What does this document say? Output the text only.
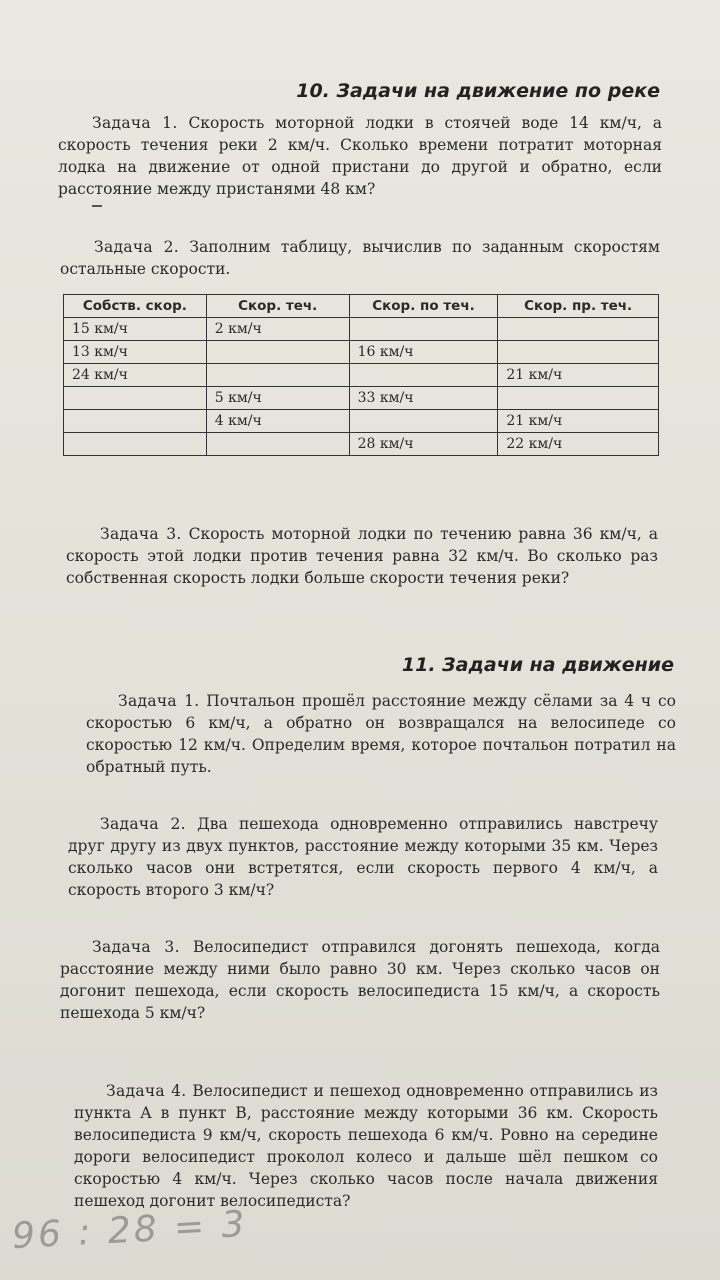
10. Задачи на движение по реке

Задача 1. Скорость моторной лодки в стоячей воде 14 км/ч, а скорость течения реки 2 км/ч. Сколько времени потратит моторная лодка на движение от одной пристани до другой и обратно, если расстояние между пристанями 48 км?

Задача 2. Заполним таблицу, вычислив по заданным скоростям остальные скорости.

Собств. скор.	Скор. теч.	Скор. по теч.	Скор. пр. теч.
15 км/ч	2 км/ч		
13 км/ч		16 км/ч	
24 км/ч			21 км/ч
	5 км/ч	33 км/ч	
	4 км/ч		21 км/ч
		28 км/ч	22 км/ч

Задача 3. Скорость моторной лодки по течению равна 36 км/ч, а скорость этой лодки против течения равна 32 км/ч. Во сколько раз собственная скорость лодки больше скорости течения реки?

11. Задачи на движение

Задача 1. Почтальон прошёл расстояние между сёлами за 4 ч со скоростью 6 км/ч, а обратно он возвращался на велосипеде со скоростью 12 км/ч. Определим время, которое почтальон потратил на обратный путь.

Задача 2. Два пешехода одновременно отправились навстречу друг другу из двух пунктов, расстояние между которыми 35 км. Через сколько часов они встретятся, если скорость первого 4 км/ч, а скорость второго 3 км/ч?

Задача 3. Велосипедист отправился догонять пешехода, когда расстояние между ними было равно 30 км. Через сколько часов он догонит пешехода, если скорость велосипедиста 15 км/ч, а скорость пешехода 5 км/ч?

Задача 4. Велосипедист и пешеход одновременно отправились из пункта A в пункт B, расстояние между которыми 36 км. Скорость велосипедиста 9 км/ч, скорость пешехода 6 км/ч. Ровно на середине дороги велосипедист проколол колесо и дальше шёл пешком со скоростью 4 км/ч. Через сколько часов после начала движения пешеход догонит велосипедиста?

96 : 28 = 3
